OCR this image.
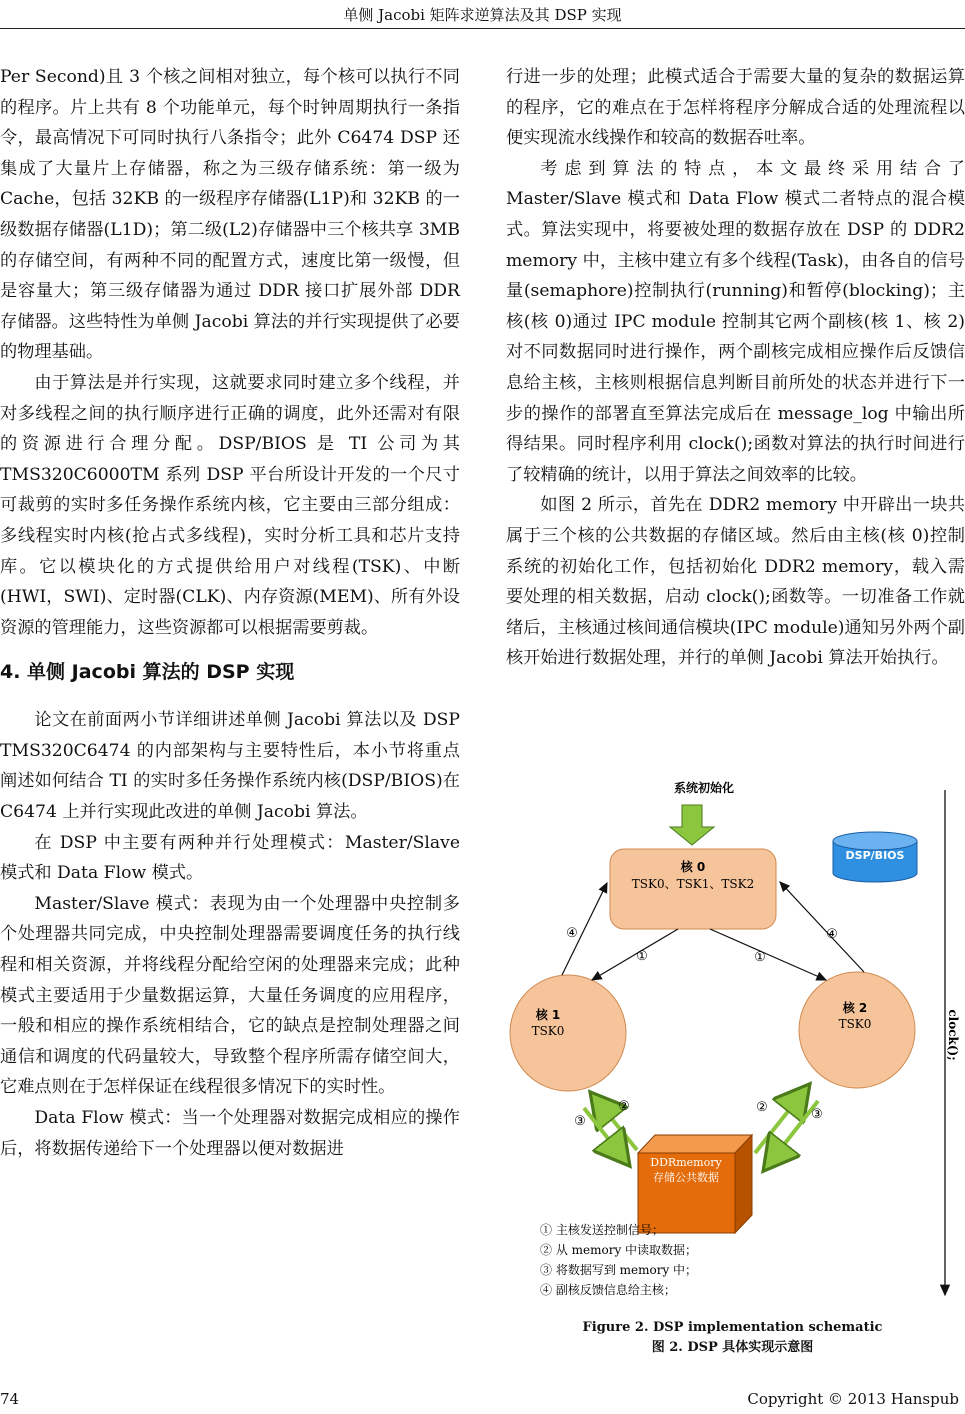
单侧 Jacobi 矩阵求逆算法及其 DSP 实现

Per Second)且 3 个核之间相对独立，每个核可以执行不同的程序。片上共有 8 个功能单元，每个时钟周期执行一条指令，最高情况下可同时执行八条指令；此外 C6474 DSP 还集成了大量片上存储器，称之为三级存储系统：第一级为 Cache，包括 32KB 的一级程序存储器(L1P)和 32KB 的一级数据存储器(L1D)；第二级(L2)存储器中三个核共享 3MB 的存储空间，有两种不同的配置方式，速度比第一级慢，但是容量大；第三级存储器为通过 DDR 接口扩展外部 DDR 存储器。这些特性为单侧 Jacobi 算法的并行实现提供了必要的物理基础。

由于算法是并行实现，这就要求同时建立多个线程，并对多线程之间的执行顺序进行正确的调度，此外还需对有限的资源进行合理分配。DSP/BIOS 是 TI 公司为其 TMS320C6000TM 系列 DSP 平台所设计开发的一个尺寸可裁剪的实时多任务操作系统内核，它主要由三部分组成：多线程实时内核(抢占式多线程)，实时分析工具和芯片支持库。它以模块化的方式提供给用户对线程(TSK)、中断(HWI，SWI)、定时器(CLK)、内存资源(MEM)、所有外设资源的管理能力，这些资源都可以根据需要剪裁。

4. 单侧 Jacobi 算法的 DSP 实现

论文在前面两小节详细讲述单侧 Jacobi 算法以及 DSP TMS320C6474 的内部架构与主要特性后，本小节将重点阐述如何结合 TI 的实时多任务操作系统内核(DSP/BIOS)在 C6474 上并行实现此改进的单侧 Jacobi 算法。

在 DSP 中主要有两种并行处理模式：Master/Slave 模式和 Data Flow 模式。

Master/Slave 模式：表现为由一个处理器中央控制多个处理器共同完成，中央控制处理器需要调度任务的执行线程和相关资源，并将线程分配给空闲的处理器来完成；此种模式主要适用于少量数据运算，大量任务调度的应用程序，一般和相应的操作系统相结合，它的缺点是控制处理器之间通信和调度的代码量较大，导致整个程序所需存储空间大，它难点则在于怎样保证在线程很多情况下的实时性。

Data Flow 模式：当一个处理器对数据完成相应的操作后，将数据传递给下一个处理器以便对数据进

行进一步的处理；此模式适合于需要大量的复杂的数据运算的程序，它的难点在于怎样将程序分解成合适的处理流程以便实现流水线操作和较高的数据吞吐率。

考虑到算法的特点，本文最终采用结合了 Master/Slave 模式和 Data Flow 模式二者特点的混合模式。算法实现中，将要被处理的数据存放在 DSP 的 DDR2 memory 中，主核中建立有多个线程(Task)，由各自的信号量(semaphore)控制执行(running)和暂停(blocking)；主核(核 0)通过 IPC module 控制其它两个副核(核 1、核 2)对不同数据同时进行操作，两个副核完成相应操作后反馈信息给主核，主核则根据信息判断目前所处的状态并进行下一步的操作的部署直至算法完成后在 message_log 中输出所得结果。同时程序利用 clock();函数对算法的执行时间进行了较精确的统计，以用于算法之间效率的比较。

如图 2 所示，首先在 DDR2 memory 中开辟出一块共属于三个核的公共数据的存储区域。然后由主核(核 0)控制系统的初始化工作，包括初始化 DDR2 memory，载入需要处理的相关数据，启动 clock();函数等。一切准备工作就绪后，主核通过核间通信模块(IPC module)通知另外两个副核开始进行数据处理，并行的单侧 Jacobi 算法开始执行。

系统初始化
DSP/BIOS
clock();
核 0
TSK0、TSK1、TSK2
核 1
TSK0
核 2
TSK0
④	④
①	①
DDRmemory
存储公共数据
②	②
③	③
① 主核发送控制信号；
② 从 memory 中读取数据；
③ 将数据写到 memory 中；
④ 副核反馈信息给主核；
Figure 2. DSP implementation schematic
图 2. DSP 具体实现示意图
74	Copyright © 2013 Hanspub
